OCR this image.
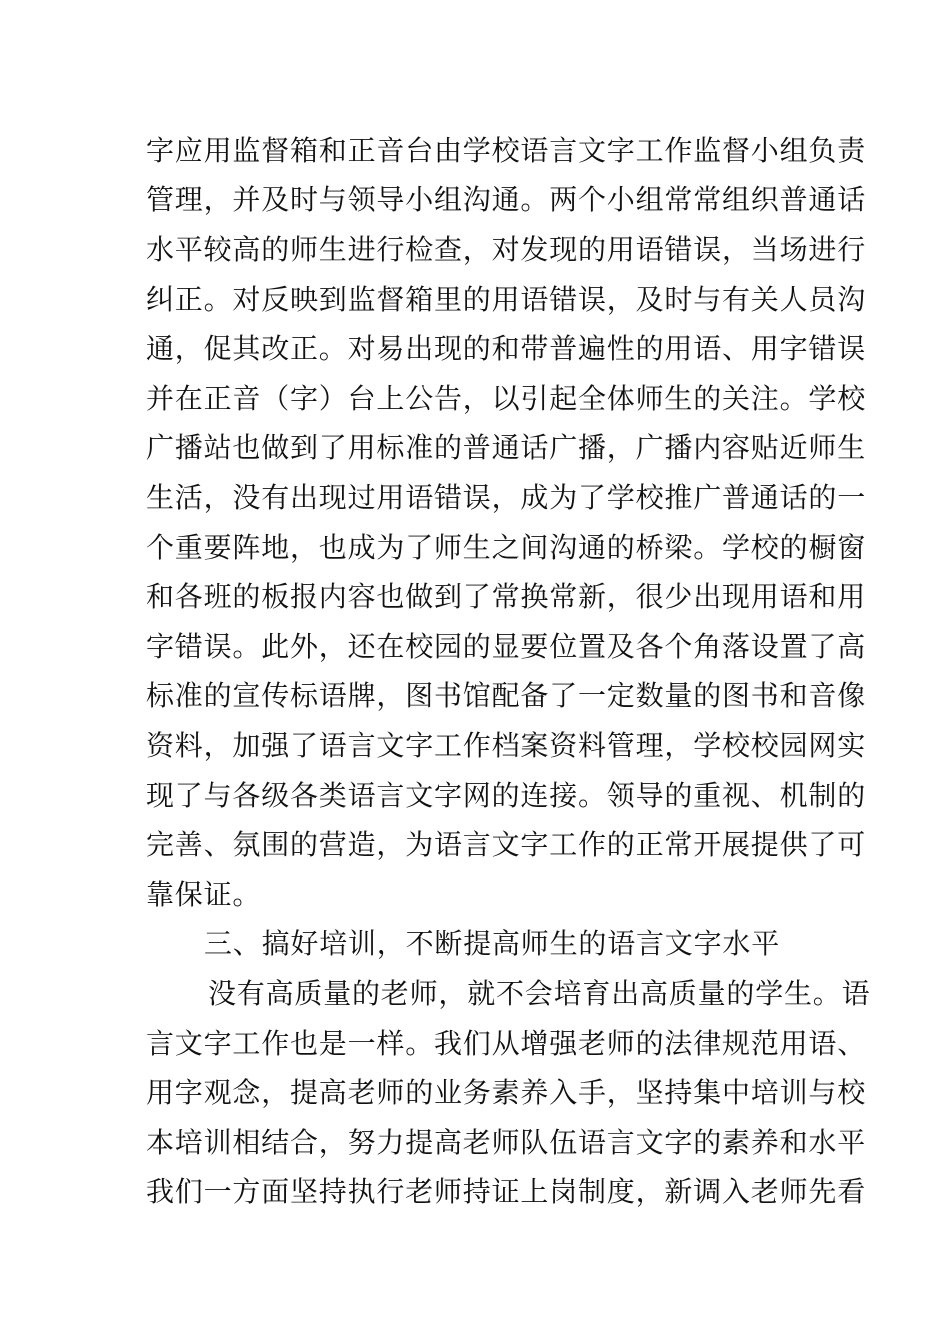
字应用监督箱和正音台由学校语言文字工作监督小组负责
管理，并及时与领导小组沟通。两个小组常常组织普通话
水平较高的师生进行检查，对发现的用语错误，当场进行
纠正。对反映到监督箱里的用语错误，及时与有关人员沟
通，促其改正。对易出现的和带普遍性的用语、用字错误
并在正音（字）台上公告，以引起全体师生的关注。学校
广播站也做到了用标准的普通话广播，广播内容贴近师生
生活，没有出现过用语错误，成为了学校推广普通话的一
个重要阵地，也成为了师生之间沟通的桥梁。学校的橱窗
和各班的板报内容也做到了常换常新，很少出现用语和用
字错误。此外，还在校园的显要位置及各个角落设置了高
标准的宣传标语牌，图书馆配备了一定数量的图书和音像
资料，加强了语言文字工作档案资料管理，学校校园网实
现了与各级各类语言文字网的连接。领导的重视、机制的
完善、氛围的营造，为语言文字工作的正常开展提供了可
靠保证。
三、搞好培训，不断提高师生的语言文字水平
没有高质量的老师，就不会培育出高质量的学生。语
言文字工作也是一样。我们从增强老师的法律规范用语、
用字观念，提高老师的业务素养入手，坚持集中培训与校
本培训相结合，努力提高老师队伍语言文字的素养和水平
我们一方面坚持执行老师持证上岗制度，新调入老师先看
